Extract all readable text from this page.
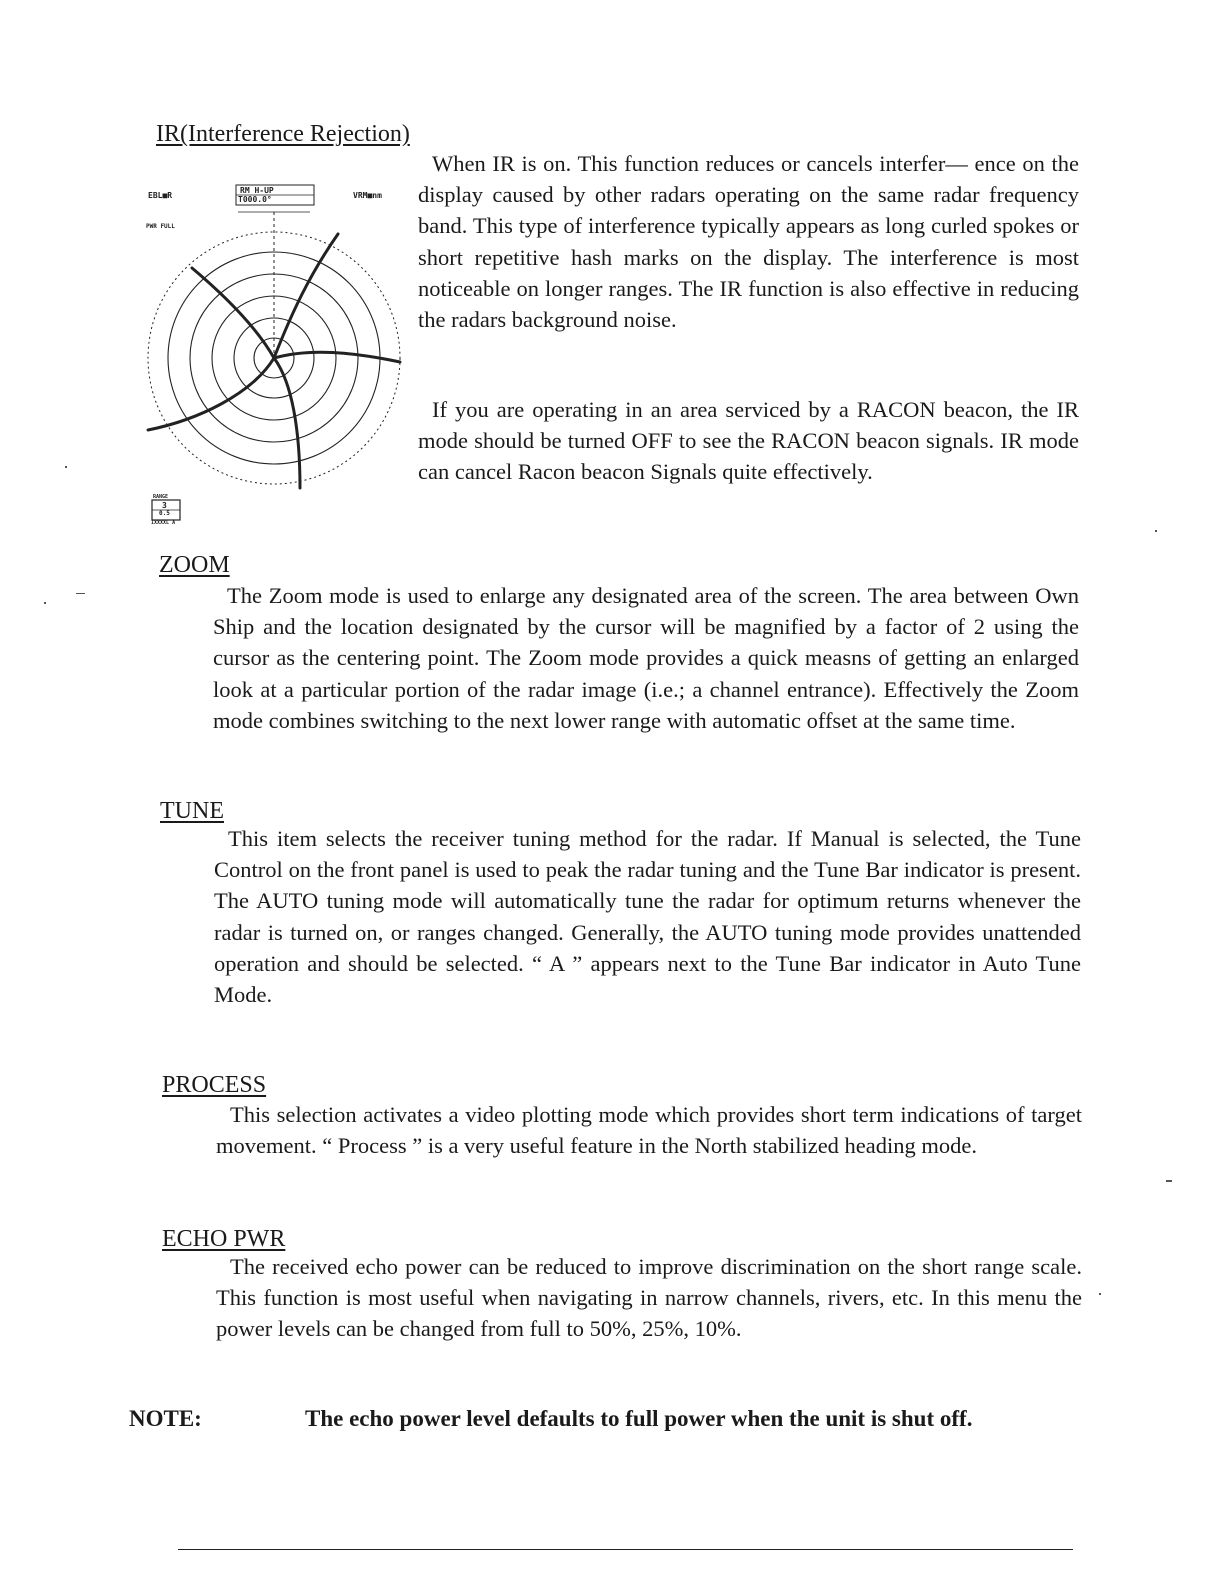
IR(Interference Rejection)
EBL■R
RM H-UP
T000.0°	VRM■nm
PWR FULL
RANGE
3
0.5
IXXXXL A

When IR is on. This function reduces or cancels interfer— ence on the display caused by other radars operating on the same radar frequency band. This type of interference typically appears as long curled spokes or short repetitive hash marks on the display. The interference is most noticeable on longer ranges. The IR function is also effective in reducing the radars background noise.

If you are operating in an area serviced by a RACON beacon, the IR mode should be turned OFF to see the RACON beacon signals. IR mode can cancel Racon beacon Signals quite effectively.

ZOOM

The Zoom mode is used to enlarge any designated area of the screen. The area between Own Ship and the location designated by the cursor will be magnified by a factor of 2 using the cursor as the centering point. The Zoom mode provides a quick measns of getting an enlarged look at a particular portion of the radar image (i.e.; a channel entrance). Effectively the Zoom mode combines switching to the next lower range with automatic offset at the same time.

TUNE

This item selects the receiver tuning method for the radar. If Manual is selected, the Tune Control on the front panel is used to peak the radar tuning and the Tune Bar indicator is present. The AUTO tuning mode will automatically tune the radar for optimum returns whenever the radar is turned on, or ranges changed. Generally, the AUTO tuning mode provides unattended operation and should be selected. “ A ” appears next to the Tune Bar indicator in Auto Tune Mode.

PROCESS

This selection activates a video plotting mode which provides short term indications of target movement. “ Process ” is a very useful feature in the North stabilized heading mode.

ECHO PWR

The received echo power can be reduced to improve discrimination on the short range scale. This function is most useful when navigating in narrow channels, rivers, etc. In this menu the power levels can be changed from full to 50%, 25%, 10%.

NOTE:	The echo power level defaults to full power when the unit is shut off.
